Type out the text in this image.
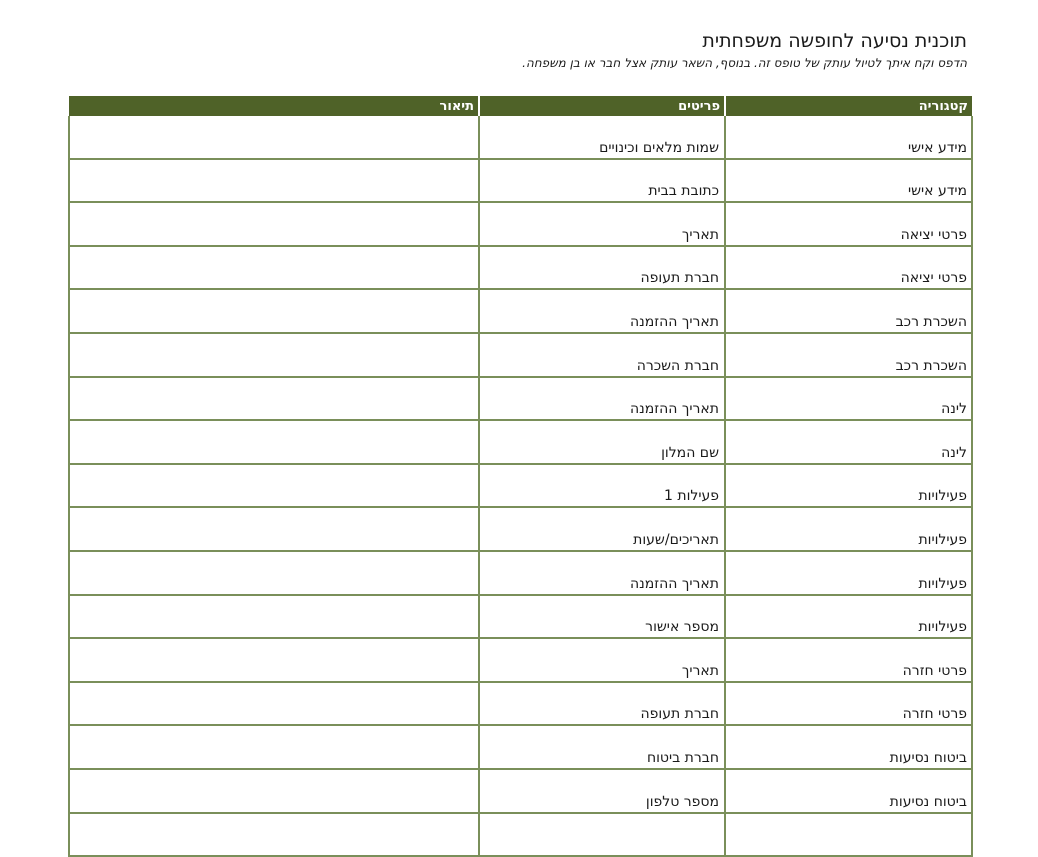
תוכנית נסיעה לחופשה משפחתית

הדפס וקח איתך לטיול עותק של טופס זה. בנוסף, השאר עותק אצל חבר או בן משפחה.

קטגוריה	פריטים	תיאור
מידע אישי	שמות מלאים וכינויים	
מידע אישי	כתובת בבית	
פרטי יציאה	תאריך	
פרטי יציאה	חברת תעופה	
השכרת רכב	תאריך ההזמנה	
השכרת רכב	חברת השכרה	
לינה	תאריך ההזמנה	
לינה	שם המלון	
פעילויות	פעילות 1	
פעילויות	תאריכים/שעות	
פעילויות	תאריך ההזמנה	
פעילויות	מספר אישור	
פרטי חזרה	תאריך	
פרטי חזרה	חברת תעופה	
ביטוח נסיעות	חברת ביטוח	
ביטוח נסיעות	מספר טלפון	
